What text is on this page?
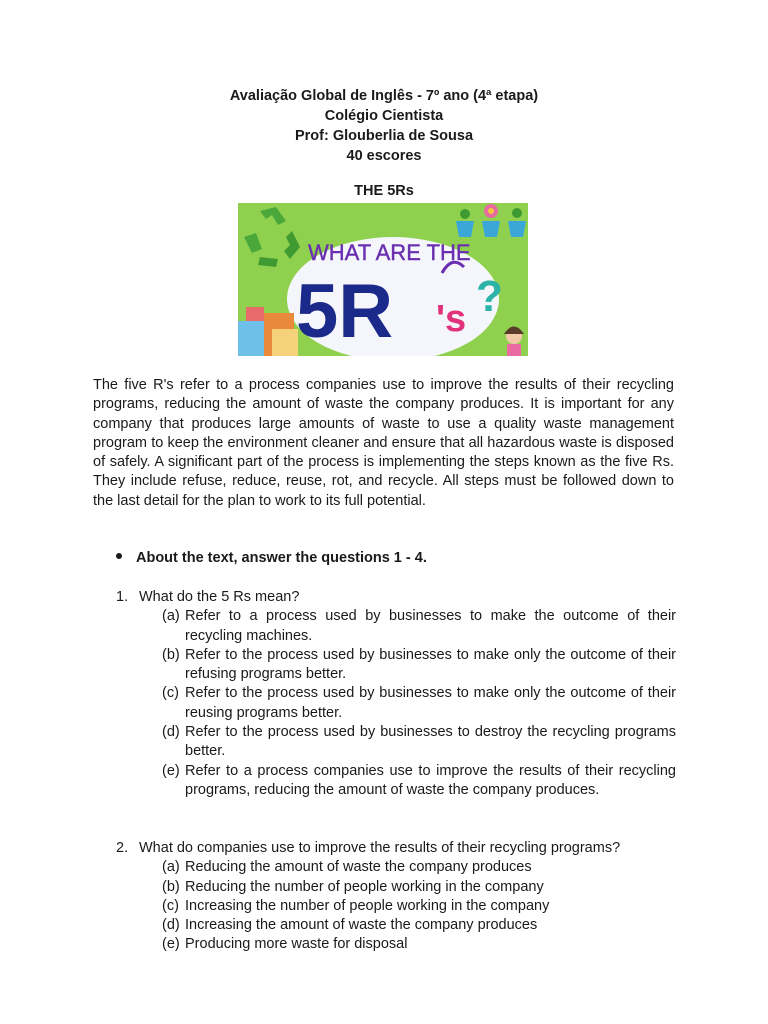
Avaliação Global de Inglês - 7º ano (4ª etapa)
Colégio Cientista
Prof: Glouberlia de Sousa
40 escores
THE 5Rs
WHAT ARE THE
5R 's ?
The five R's refer to a process companies use to improve the results of their recycling programs, reducing the amount of waste the company produces. It is important for any company that produces large amounts of waste to use a quality waste management program to keep the environment cleaner and ensure that all hazardous waste is disposed of safely. A significant part of the process is implementing the steps known as the five Rs. They include refuse, reduce, reuse, rot, and recycle. All steps must be followed down to the last detail for the plan to work to its full potential.
About the text, answer the questions 1 - 4.
1. What do the 5 Rs mean?
(a) Refer to a process used by businesses to make the outcome of their recycling machines.
(b) Refer to the process used by businesses to make only the outcome of their refusing programs better.
(c) Refer to the process used by businesses to make only the outcome of their reusing programs better.
(d) Refer to the process used by businesses to destroy the recycling programs better.
(e) Refer to a process companies use to improve the results of their recycling programs, reducing the amount of waste the company produces.
2. What do companies use to improve the results of their recycling programs?
(a) Reducing the amount of waste the company produces
(b) Reducing the number of people working in the company
(c) Increasing the number of people working in the company
(d) Increasing the amount of waste the company produces
(e) Producing more waste for disposal
